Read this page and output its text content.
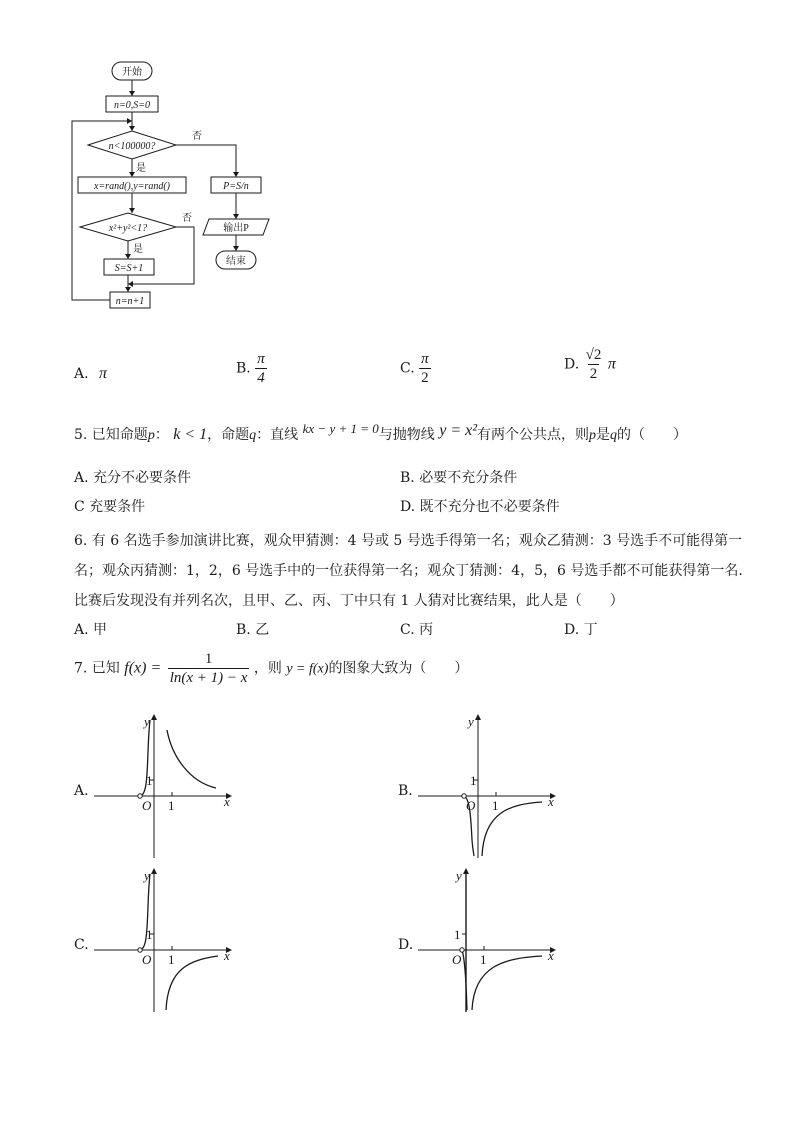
开始
n=0,S=0
n<100000?
否
是
x=rand(),y=rand()
x²+y²<1?
否
是
S=S+1
n=n+1
P=S/n
输出P
结束
A. π	B. $\frac{\pi}{4}$	C. $\frac{\pi}{2}$	D. $\frac{√2}{2}$ π
5. 已知命题p： k < 1，命题q：直线 kx − y + 1 = 0与抛物线 y = x²有两个公共点，则p是q的（　　）
A. 充分不必要条件	B. 必要不充分条件
C 充要条件	D. 既不充分也不必要条件
6. 有 6 名选手参加演讲比赛，观众甲猜测：4 号或 5 号选手得第一名；观众乙猜测：3 号选手不可能得第一
名；观众丙猜测：1，2，6 号选手中的一位获得第一名；观众丁猜测：4，5，6 号选手都不可能获得第一名.
比赛后发现没有并列名次，且甲、乙、丙、丁中只有 1 人猜对比赛结果，此人是（　　）
A. 甲	B. 乙	C. 丙	D. 丁
7. 已知 $f(x) = \frac{1}{\ln(x + 1) - x}$ ，则 y = f(x)的图象大致为（　　）
A.	B.
C.	D.
x
y
O 1
1
x
y
O 1
1
x
y
O 1
1
x
y
O 1
1
